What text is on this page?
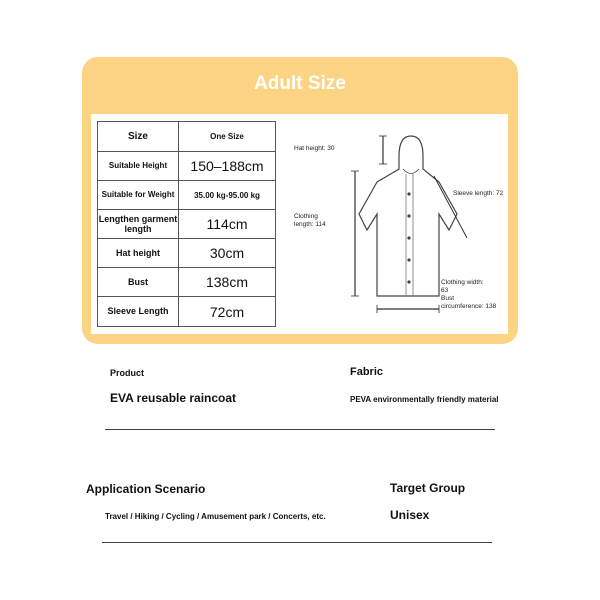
Adult Size
Size	One Size
Suitable Height	150–188cm
Suitable for Weight	35.00 kg-95.00 kg
Lengthen garment length	114cm
Hat height	30cm
Bust	138cm
Sleeve Length	72cm
Hat height: 30
Sleeve length: 72
Clothing
length: 114
Clothing width:
63
Bust
circumference: 138
Product
EVA reusable raincoat
Fabric
PEVA environmentally friendly material
Application Scenario
Travel / Hiking / Cycling / Amusement park / Concerts, etc.
Target Group
Unisex
